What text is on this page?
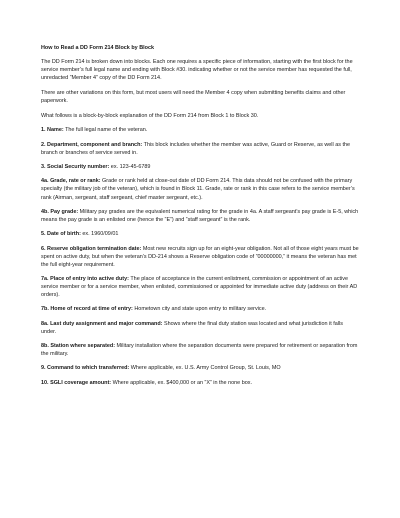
How to Read a DD Form 214 Block by Block

The DD Form 214 is broken down into blocks. Each one requires a specific piece of information, starting with the first block for the service member’s full legal name and ending with Block #30. indicating whether or not the service member has requested the full, unredacted “Member 4” copy of the DD Form 214.

There are other variations on this form, but most users will need the Member 4 copy when submitting benefits claims and other paperwork.

What follows is a block-by-block explanation of the DD Form 214 from Block 1 to Block 30.

1. Name: The full legal name of the veteran.

2. Department, component and branch: This block includes whether the member was active, Guard or Reserve, as well as the branch or branches of service served in.

3. Social Security number: ex. 123-45-6789

4a. Grade, rate or rank: Grade or rank held at close-out date of DD Form 214. This data should not be confused with the primary specialty (the military job of the veteran), which is found in Block 11. Grade, rate or rank in this case refers to the service member’s rank (Airman, sergeant, staff sergeant, chief master sergeant, etc.).

4b. Pay grade: Military pay grades are the equivalent numerical rating for the grade in 4a. A staff sergeant’s pay grade is E-5, which means the pay grade is an enlisted one (hence the “E”) and “staff sergeant” is the rank.

5. Date of birth: ex. 1960/09/01

6. Reserve obligation termination date: Most new recruits sign up for an eight-year obligation. Not all of those eight years must be spent on active duty, but when the veteran’s DD-214 shows a Reserve obligation code of “00000000,” it means the veteran has met the full eight-year requirement.

7a. Place of entry into active duty: The place of acceptance in the current enlistment, commission or appointment of an active service member or for a service member, when enlisted, commissioned or appointed for immediate active duty (address on their AD orders).

7b. Home of record at time of entry: Hometown city and state upon entry to military service.

8a. Last duty assignment and major command: Shows where the final duty station was located and what jurisdiction it falls under.

8b. Station where separated: Military installation where the separation documents were prepared for retirement or separation from the military.

9. Command to which transferred: Where applicable, ex. U.S. Army Control Group, St. Louis, MO

10. SGLI coverage amount: Where applicable, ex. $400,000 or an “X” in the none box.
